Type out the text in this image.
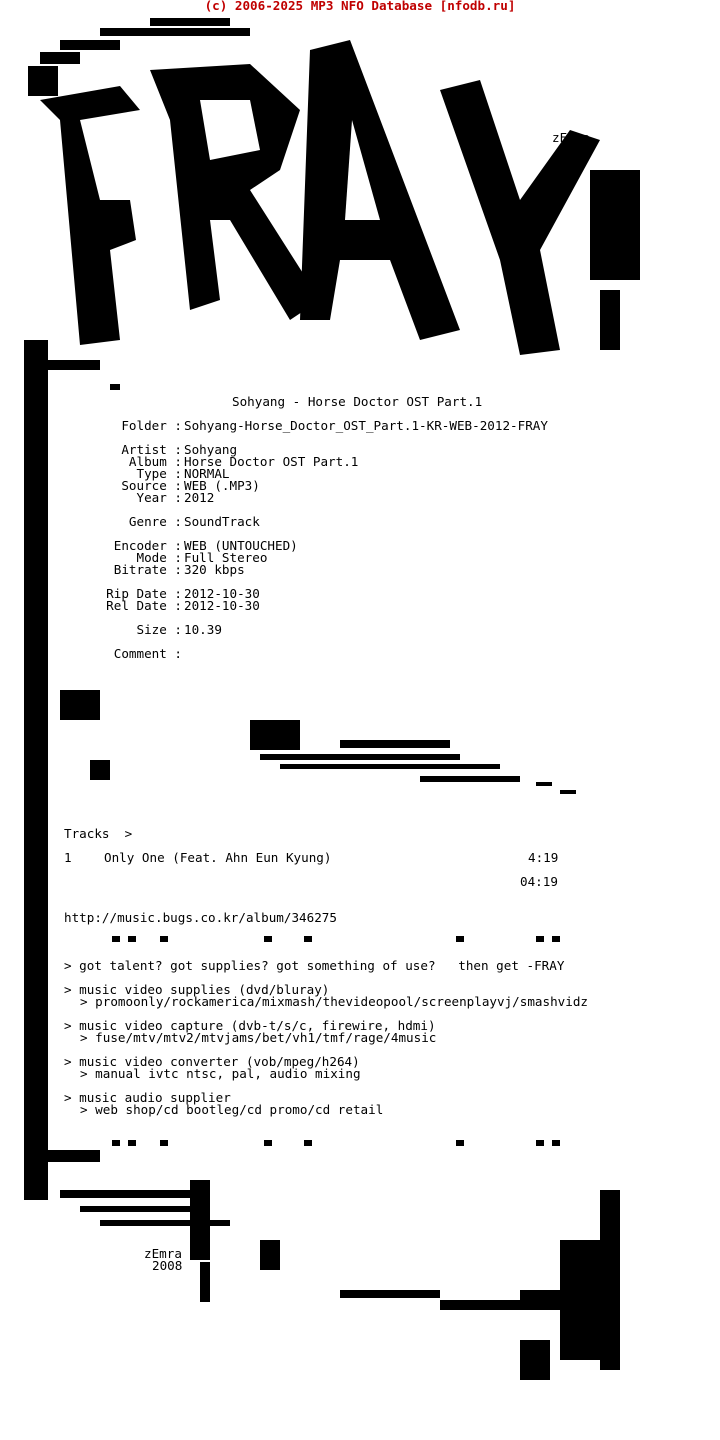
(c) 2006-2025 MP3 NFO Database [nfodb.ru]
zEmra
Sohyang - Horse Doctor OST Part.1
Folder : Sohyang-Horse_Doctor_OST_Part.1-KR-WEB-2012-FRAY
Artist : Sohyang
Album : Horse Doctor OST Part.1
Type : NORMAL
Source : WEB (.MP3)
Year : 2012
Genre : SoundTrack
Encoder : WEB (UNTOUCHED)
Mode : Full Stereo
Bitrate : 320 kbps
Rip Date : 2012-10-30
Rel Date : 2012-10-30
Size : 10.39
Comment :
Tracks  >
1	Only One (Feat. Ahn Eun Kyung)	4:19
04:19
http://music.bugs.co.kr/album/346275
> got talent? got supplies? got something of use?   then get -FRAY
> music video supplies (dvd/bluray)
> promoonly/rockamerica/mixmash/thevideopool/screenplayvj/smashvidz
> music video capture (dvb-t/s/c, firewire, hdmi)
> fuse/mtv/mtv2/mtvjams/bet/vh1/tmf/rage/4music
> music video converter (vob/mpeg/h264)
> manual ivtc ntsc, pal, audio mixing
> music audio supplier
> web shop/cd bootleg/cd promo/cd retail
zEmra
2008
